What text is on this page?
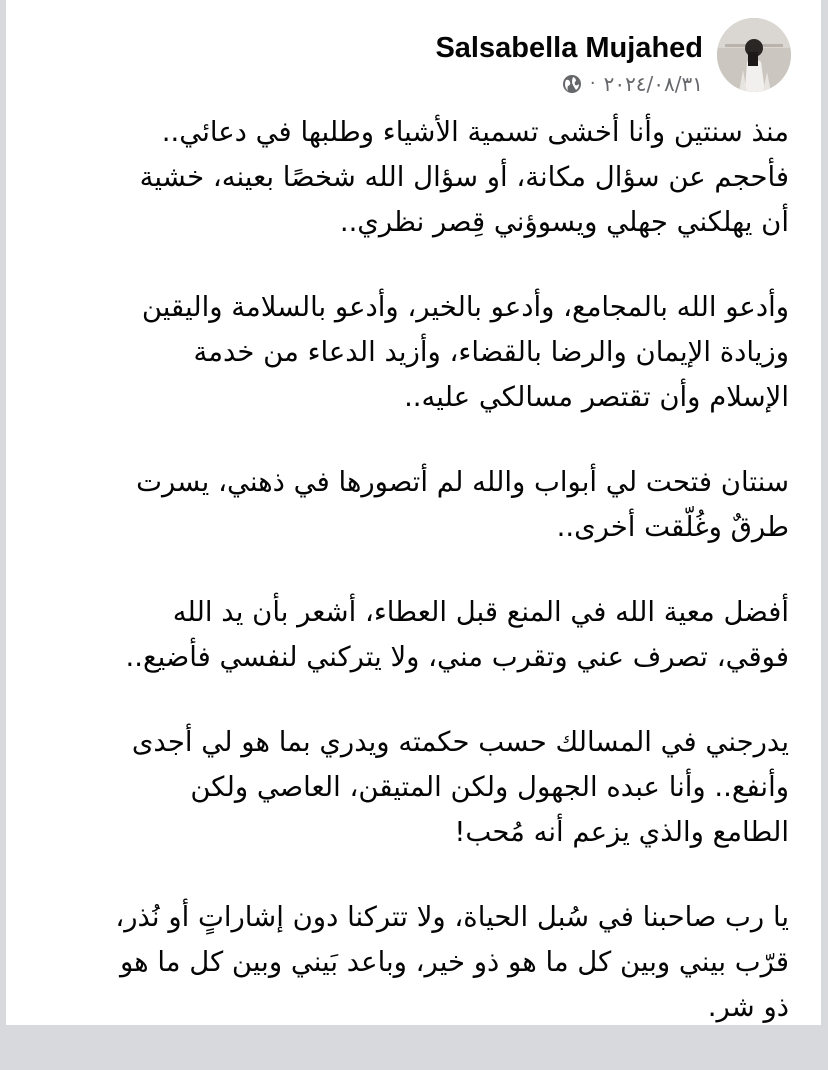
Salsabella Mujahed
٢٠٢٤/٠٨/٣١
·
منذ سنتين وأنا أخشى تسمية الأشياء وطلبها في دعائي..
فأحجم عن سؤال مكانة، أو سؤال الله شخصًا بعينه، خشية
أن يهلكني جهلي ويسوؤني قِصر نظري..
وأدعو الله بالمجامع، وأدعو بالخير، وأدعو بالسلامة واليقين
وزيادة الإيمان والرضا بالقضاء، وأزيد الدعاء من خدمة
الإسلام وأن تقتصر مسالكي عليه..
سنتان فتحت لي أبواب والله لم أتصورها في ذهني، يسرت
طرقٌ وغُلّقت أخرى..
أفضل معية الله في المنع قبل العطاء، أشعر بأن يد الله
فوقي، تصرف عني وتقرب مني، ولا يتركني لنفسي فأضيع..
يدرجني في المسالك حسب حكمته ويدري بما هو لي أجدى
وأنفع.. وأنا عبده الجهول ولكن المتيقن، العاصي ولكن
الطامع والذي يزعم أنه مُحب!
يا رب صاحبنا في سُبل الحياة، ولا تتركنا دون إشاراتٍ أو نُذر،
قرّب بيني وبين كل ما هو ذو خير، وباعد بَيني وبين كل ما هو
ذو شر.
